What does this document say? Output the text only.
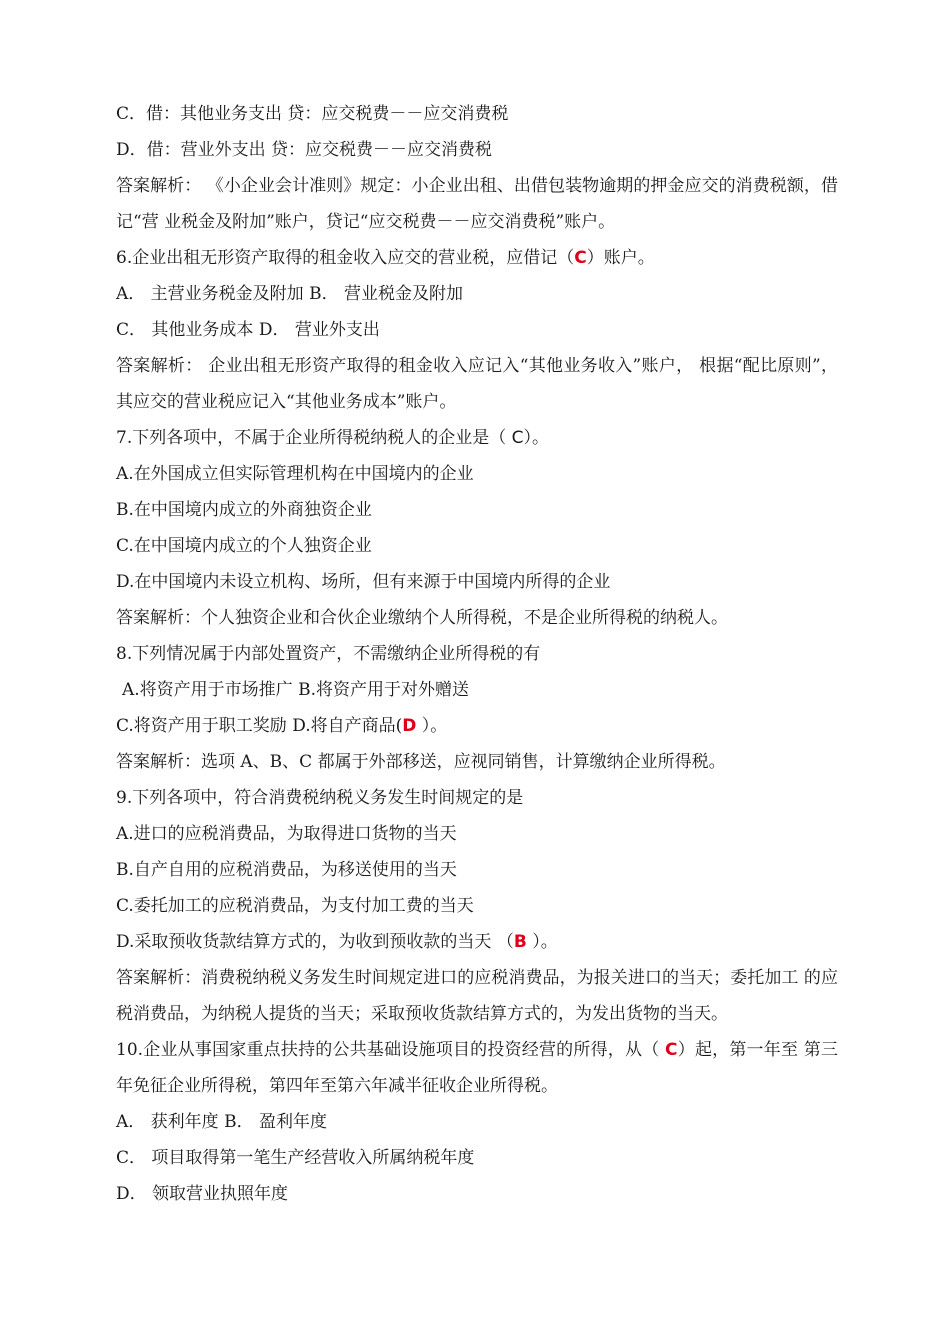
C．借：其他业务支出 贷：应交税费－－应交消费税
D．借：营业外支出 贷：应交税费－－应交消费税
答案解析： 《小企业会计准则》规定：小企业出租、出借包装物逾期的押金应交的消费税额，借记“营 业税金及附加”账户，贷记“应交税费－－应交消费税”账户。
6.企业出租无形资产取得的租金收入应交的营业税，应借记（C）账户。
A． 主营业务税金及附加 B． 营业税金及附加
C． 其他业务成本 D． 营业外支出
答案解析： 企业出租无形资产取得的租金收入应记入“其他业务收入”账户， 根据“配比原则”， 其应交的营业税应记入“其他业务成本”账户。
7.下列各项中，不属于企业所得税纳税人的企业是（ C）。
A.在外国成立但实际管理机构在中国境内的企业
B.在中国境内成立的外商独资企业
C.在中国境内成立的个人独资企业
D.在中国境内未设立机构、场所，但有来源于中国境内所得的企业
答案解析：个人独资企业和合伙企业缴纳个人所得税，不是企业所得税的纳税人。
8.下列情况属于内部处置资产，不需缴纳企业所得税的有
A.将资产用于市场推广 B.将资产用于对外赠送
C.将资产用于职工奖励 D.将自产商品(D ）。
答案解析：选项 A、B、C 都属于外部移送，应视同销售，计算缴纳企业所得税。
9.下列各项中，符合消费税纳税义务发生时间规定的是
A.进口的应税消费品，为取得进口货物的当天
B.自产自用的应税消费品，为移送使用的当天
C.委托加工的应税消费品，为支付加工费的当天
D.采取预收货款结算方式的，为收到预收款的当天 （B ）。
答案解析：消费税纳税义务发生时间规定进口的应税消费品，为报关进口的当天；委托加工 的应税消费品，为纳税人提货的当天；采取预收货款结算方式的，为发出货物的当天。
10.企业从事国家重点扶持的公共基础设施项目的投资经营的所得，从（ C）起，第一年至 第三年免征企业所得税，第四年至第六年减半征收企业所得税。
A． 获利年度 B． 盈利年度
C． 项目取得第一笔生产经营收入所属纳税年度
D． 领取营业执照年度
